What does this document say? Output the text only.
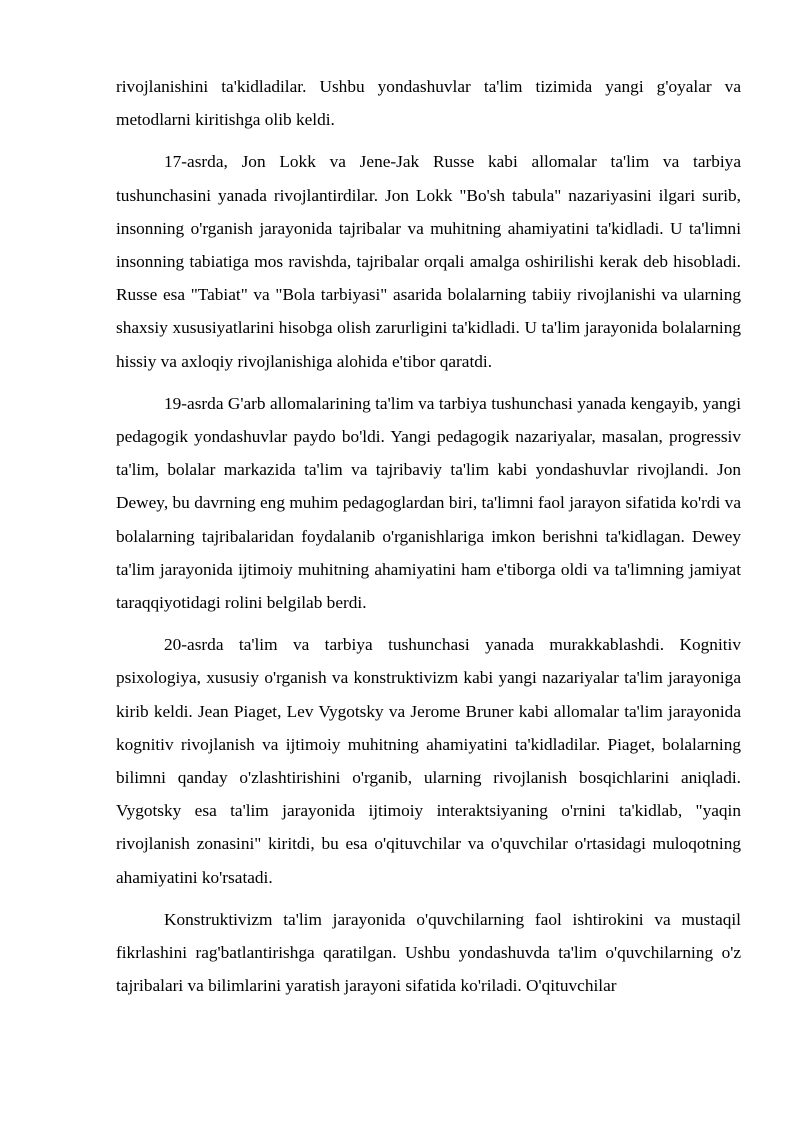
rivojlanishini ta'kidladilar. Ushbu yondashuvlar ta'lim tizimida yangi g'oyalar va metodlarni kiritishga olib keldi.

17-asrda, Jon Lokk va Jene-Jak Russe kabi allomalar ta'lim va tarbiya tushunchasini yanada rivojlantirdilar. Jon Lokk "Bo'sh tabula" nazariyasini ilgari surib, insonning o'rganish jarayonida tajribalar va muhitning ahamiyatini ta'kidladi. U ta'limni insonning tabiatiga mos ravishda, tajribalar orqali amalga oshirilishi kerak deb hisobladi. Russe esa "Tabiat" va "Bola tarbiyasi" asarida bolalarning tabiiy rivojlanishi va ularning shaxsiy xususiyatlarini hisobga olish zarurligini ta'kidladi. U ta'lim jarayonida bolalarning hissiy va axloqiy rivojlanishiga alohida e'tibor qaratdi.

19-asrda G'arb allomalarining ta'lim va tarbiya tushunchasi yanada kengayib, yangi pedagogik yondashuvlar paydo bo'ldi. Yangi pedagogik nazariyalar, masalan, progressiv ta'lim, bolalar markazida ta'lim va tajribaviy ta'lim kabi yondashuvlar rivojlandi. Jon Dewey, bu davrning eng muhim pedagoglardan biri, ta'limni faol jarayon sifatida ko'rdi va bolalarning tajribalaridan foydalanib o'rganishlariga imkon berishni ta'kidlagan. Dewey ta'lim jarayonida ijtimoiy muhitning ahamiyatini ham e'tiborga oldi va ta'limning jamiyat taraqqiyotidagi rolini belgilab berdi.

20-asrda ta'lim va tarbiya tushunchasi yanada murakkablashdi. Kognitiv psixologiya, xususiy o'rganish va konstruktivizm kabi yangi nazariyalar ta'lim jarayoniga kirib keldi. Jean Piaget, Lev Vygotsky va Jerome Bruner kabi allomalar ta'lim jarayonida kognitiv rivojlanish va ijtimoiy muhitning ahamiyatini ta'kidladilar. Piaget, bolalarning bilimni qanday o'zlashtirishini o'rganib, ularning rivojlanish bosqichlarini aniqladi. Vygotsky esa ta'lim jarayonida ijtimoiy interaktsiyaning o'rnini ta'kidlab, "yaqin rivojlanish zonasini" kiritdi, bu esa o'qituvchilar va o'quvchilar o'rtasidagi muloqotning ahamiyatini ko'rsatadi.

Konstruktivizm ta'lim jarayonida o'quvchilarning faol ishtirokini va mustaqil fikrlashini rag'batlantirishga qaratilgan. Ushbu yondashuvda ta'lim o'quvchilarning o'z tajribalari va bilimlarini yaratish jarayoni sifatida ko'riladi. O'qituvchilar
